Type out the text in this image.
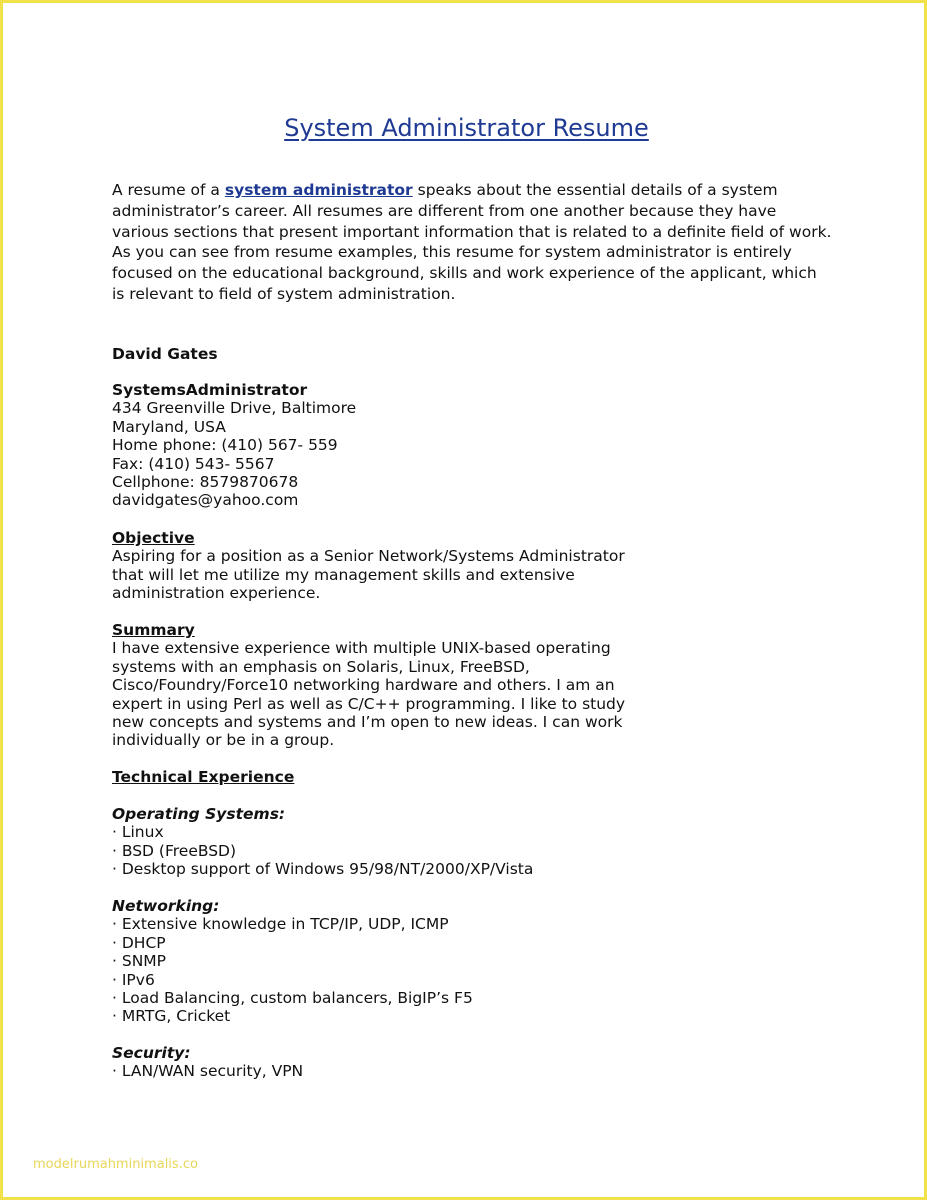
System Administrator Resume
A resume of a system administrator speaks about the essential details of a system administrator’s career. All resumes are different from one another because they have various sections that present important information that is related to a definite field of work. As you can see from resume examples, this resume for system administrator is entirely focused on the educational background, skills and work experience of the applicant, which is relevant to field of system administration.
David Gates
SystemsAdministrator
434 Greenville Drive, Baltimore
Maryland, USA
Home phone: (410) 567- 559
Fax: (410) 543- 5567
Cellphone: 8579870678
davidgates@yahoo.com
Objective
Aspiring for a position as a Senior Network/Systems Administrator
that will let me utilize my management skills and extensive
administration experience.
Summary
I have extensive experience with multiple UNIX-based operating
systems with an emphasis on Solaris, Linux, FreeBSD,
Cisco/Foundry/Force10 networking hardware and others. I am an
expert in using Perl as well as C/C++ programming. I like to study
new concepts and systems and I’m open to new ideas. I can work
individually or be in a group.
Technical Experience
Operating Systems:
· Linux
· BSD (FreeBSD)
· Desktop support of Windows 95/98/NT/2000/XP/Vista
Networking:
· Extensive knowledge in TCP/IP, UDP, ICMP
· DHCP
· SNMP
· IPv6
· Load Balancing, custom balancers, BigIP’s F5
· MRTG, Cricket
Security:
· LAN/WAN security, VPN
modelrumahminimalis.co
